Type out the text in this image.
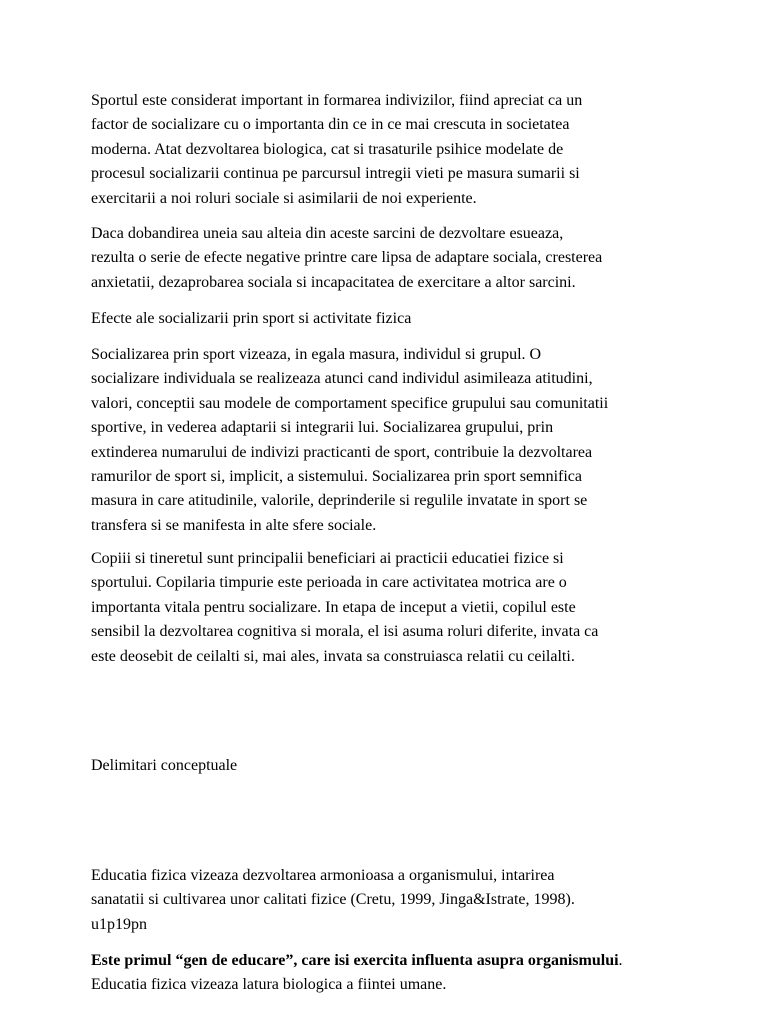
Sportul este considerat important in formarea indivizilor, fiind apreciat ca un
factor de socializare cu o importanta din ce in ce mai crescuta in societatea
moderna. Atat dezvoltarea biologica, cat si trasaturile psihice modelate de
procesul socializarii continua pe parcursul intregii vieti pe masura sumarii si
exercitarii a noi roluri sociale si asimilarii de noi experiente.

Daca dobandirea uneia sau alteia din aceste sarcini de dezvoltare esueaza,
rezulta o serie de efecte negative printre care lipsa de adaptare sociala, cresterea
anxietatii, dezaprobarea sociala si incapacitatea de exercitare a altor sarcini.

Efecte ale socializarii prin sport si activitate fizica

Socializarea prin sport vizeaza, in egala masura, individul si grupul. O
socializare individuala se realizeaza atunci cand individul asimileaza atitudini,
valori, conceptii sau modele de comportament specifice grupului sau comunitatii
sportive, in vederea adaptarii si integrarii lui. Socializarea grupului, prin
extinderea numarului de indivizi practicanti de sport, contribuie la dezvoltarea
ramurilor de sport si, implicit, a sistemului. Socializarea prin sport semnifica
masura in care atitudinile, valorile, deprinderile si regulile invatate in sport se
transfera si se manifesta in alte sfere sociale.

Copiii si tineretul sunt principalii beneficiari ai practicii educatiei fizice si
sportului. Copilaria timpurie este perioada in care activitatea motrica are o
importanta vitala pentru socializare. In etapa de inceput a vietii, copilul este
sensibil la dezvoltarea cognitiva si morala, el isi asuma roluri diferite, invata ca
este deosebit de ceilalti si, mai ales, invata sa construiasca relatii cu ceilalti.

Delimitari conceptuale

Educatia fizica vizeaza dezvoltarea armonioasa a organismului, intarirea
sanatatii si cultivarea unor calitati fizice (Cretu, 1999, Jinga&Istrate, 1998).
u1p19pn

Este primul “gen de educare”, care isi exercita influenta asupra organismului.
Educatia fizica vizeaza latura biologica a fiintei umane.
